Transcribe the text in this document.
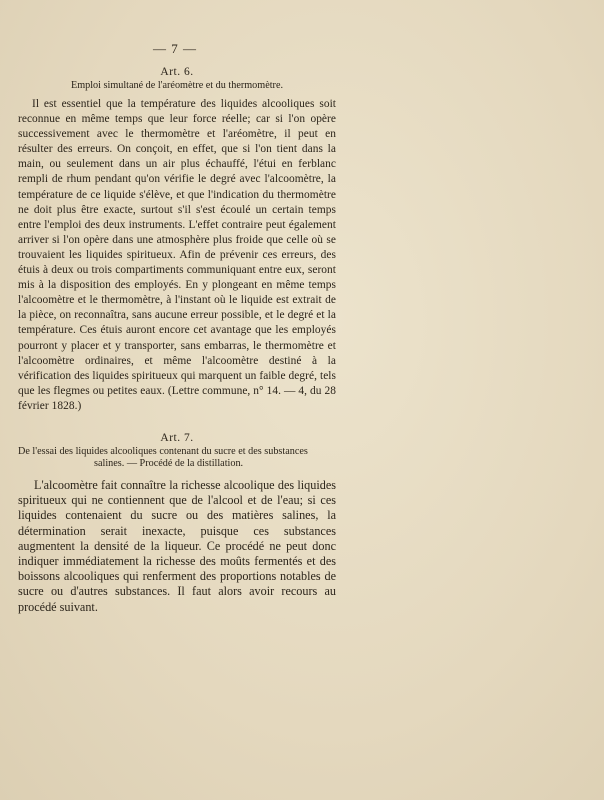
— 7 —
Art. 6.
Emploi simultané de l'aréomètre et du thermomètre.

Il est essentiel que la température des liquides alcooliques soit reconnue en même temps que leur force réelle; car si l'on opère successivement avec le thermomètre et l'aréomètre, il peut en résulter des erreurs. On conçoit, en effet, que si l'on tient dans la main, ou seulement dans un air plus échauffé, l'étui en ferblanc rempli de rhum pendant qu'on vérifie le degré avec l'alcoomètre, la température de ce liquide s'élève, et que l'indication du thermomètre ne doit plus être exacte, surtout s'il s'est écoulé un certain temps entre l'emploi des deux instruments. L'effet contraire peut également arriver si l'on opère dans une atmosphère plus froide que celle où se trouvaient les liquides spiritueux. Afin de prévenir ces erreurs, des étuis à deux ou trois compartiments communiquant entre eux, seront mis à la disposition des employés. En y plongeant en même temps l'alcoomètre et le thermomètre, à l'instant où le liquide est extrait de la pièce, on reconnaîtra, sans aucune erreur possible, et le degré et la température. Ces étuis auront encore cet avantage que les employés pourront y placer et y transporter, sans embarras, le thermomètre et l'alcoomètre ordinaires, et même l'alcoomètre destiné à la vérification des liquides spiritueux qui marquent un faible degré, tels que les flegmes ou petites eaux. (Lettre commune, n° 14. — 4, du 28 février 1828.)

Art. 7.
De l'essai des liquides alcooliques contenant du sucre et des substances
salines. — Procédé de la distillation.

L'alcoomètre fait connaître la richesse alcoolique des liquides spiritueux qui ne contiennent que de l'alcool et de l'eau; si ces liquides contenaient du sucre ou des matières salines, la détermination serait inexacte, puisque ces substances augmentent la densité de la liqueur. Ce procédé ne peut donc indiquer immédiatement la richesse des moûts fermentés et des boissons alcooliques qui renferment des proportions notables de sucre ou d'autres substances. Il faut alors avoir recours au procédé suivant.
